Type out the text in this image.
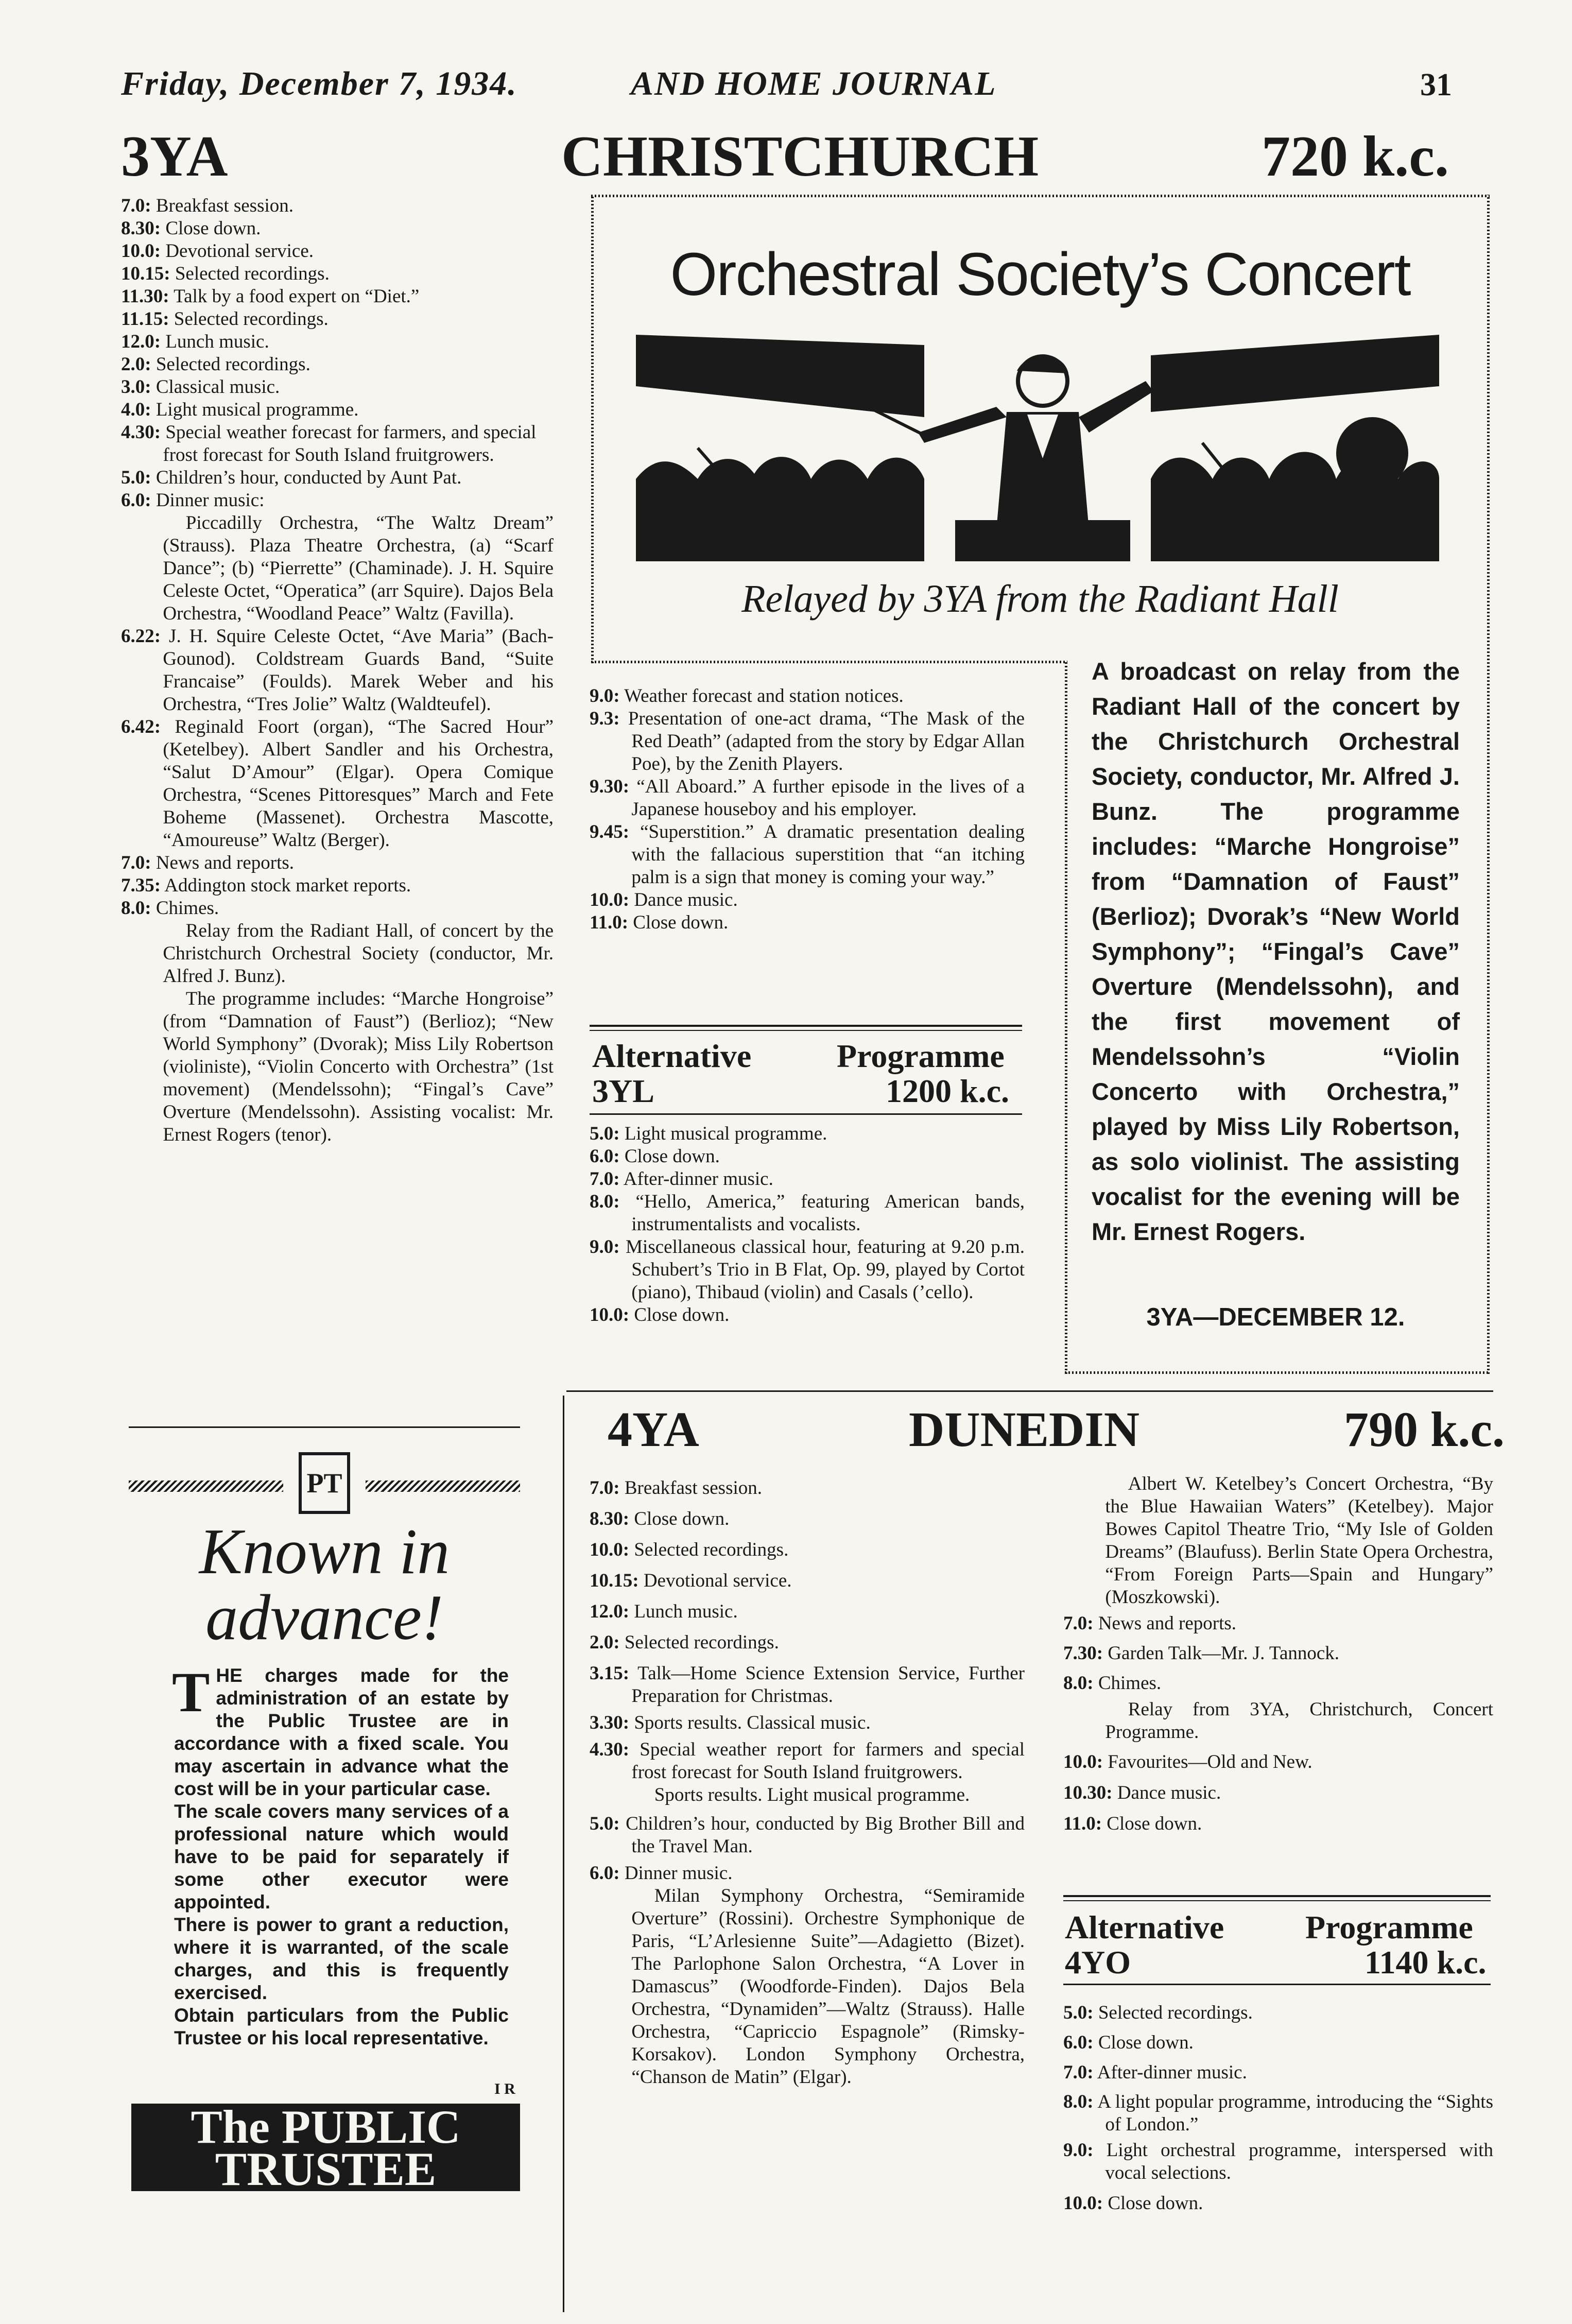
Friday, December 7, 1934.	AND HOME JOURNAL	31
3YA	CHRISTCHURCH	720 k.c.
7.0: Breakfast session.
8.30: Close down.
10.0: Devotional service.
10.15: Selected recordings.
11.30: Talk by a food expert on “Diet.”
11.15: Selected recordings.
12.0: Lunch music.
2.0: Selected recordings.
3.0: Classical music.
4.0: Light musical programme.
4.30: Special weather forecast for farmers, and special frost forecast for South Island fruitgrowers.
5.0: Children’s hour, conducted by Aunt Pat.
6.0: Dinner music:

Piccadilly Orchestra, “The Waltz Dream” (Strauss). Plaza Theatre Orchestra, (a) “Scarf Dance”; (b) “Pierrette” (Chaminade). J. H. Squire Celeste Octet, “Operatica” (arr Squire). Dajos Bela Orchestra, “Woodland Peace” Waltz (Favilla).

6.22: J. H. Squire Celeste Octet, “Ave Maria” (Bach-Gounod). Coldstream Guards Band, “Suite Francaise” (Foulds). Marek Weber and his Orchestra, “Tres Jolie” Waltz (Waldteufel).
6.42: Reginald Foort (organ), “The Sacred Hour” (Ketelbey). Albert Sandler and his Orchestra, “Salut D’Amour” (Elgar). Opera Comique Orchestra, “Scenes Pittoresques” March and Fete Boheme (Massenet). Orchestra Mascotte, “Amoureuse” Waltz (Berger).
7.0: News and reports.
7.35: Addington stock market reports.
8.0: Chimes.

Relay from the Radiant Hall, of concert by the Christchurch Orchestral Society (conductor, Mr. Alfred J. Bunz).

The programme includes: “Marche Hongroise” (from “Damnation of Faust”) (Berlioz); “New World Symphony” (Dvorak); Miss Lily Robertson (violiniste), “Violin Concerto with Orchestra” (1st movement) (Mendelssohn); “Fingal’s Cave” Overture (Mendelssohn). Assisting vocalist: Mr. Ernest Rogers (tenor).

Orchestral Society’s Concert
Relayed by 3YA from the Radiant Hall
A broadcast on relay from the Radiant Hall of the concert by the Christchurch Orchestral Society, conductor, Mr. Alfred J. Bunz. The programme includes: “Marche Hongroise” from “Damnation of Faust” (Berlioz); Dvorak’s “New World Symphony”; “Fingal’s Cave” Overture (Mendelssohn), and the first movement of Mendelssohn’s “Violin Concerto with Orchestra,” played by Miss Lily Robertson, as solo violinist. The assisting vocalist for the evening will be Mr. Ernest Rogers.
3YA—DECEMBER 12.
9.0: Weather forecast and station notices.
9.3: Presentation of one-act drama, “The Mask of the Red Death” (adapted from the story by Edgar Allan Poe), by the Zenith Players.
9.30: “All Aboard.” A further episode in the lives of a Japanese houseboy and his employer.
9.45: “Superstition.” A dramatic presentation dealing with the fallacious superstition that “an itching palm is a sign that money is coming your way.”
10.0: Dance music.
11.0: Close down.
Alternative	Programme
3YL	1200 k.c.
5.0: Light musical programme.
6.0: Close down.
7.0: After-dinner music.
8.0: “Hello, America,” featuring American bands, instrumentalists and vocalists.
9.0: Miscellaneous classical hour, featuring at 9.20 p.m. Schubert’s Trio in B Flat, Op. 99, played by Cortot (piano), Thibaud (violin) and Casals (’cello).
10.0: Close down.
4YA	DUNEDIN	790 k.c.
7.0: Breakfast session.
8.30: Close down.
10.0: Selected recordings.
10.15: Devotional service.
12.0: Lunch music.
2.0: Selected recordings.
3.15: Talk—Home Science Extension Service, Further Preparation for Christmas.
3.30: Sports results. Classical music.
4.30: Special weather report for farmers and special frost forecast for South Island fruitgrowers.

Sports results. Light musical programme.

5.0: Children’s hour, conducted by Big Brother Bill and the Travel Man.
6.0: Dinner music.

Milan Symphony Orchestra, “Semiramide Overture” (Rossini). Orchestre Symphonique de Paris, “L’Arlesienne Suite”—Adagietto (Bizet). The Parlophone Salon Orchestra, “A Lover in Damascus” (Woodforde-Finden). Dajos Bela Orchestra, “Dynamiden”—Waltz (Strauss). Halle Orchestra, “Capriccio Espagnole” (Rimsky-Korsakov). London Symphony Orchestra, “Chanson de Matin” (Elgar).

Albert W. Ketelbey’s Concert Orchestra, “By the Blue Hawaiian Waters” (Ketelbey). Major Bowes Capitol Theatre Trio, “My Isle of Golden Dreams” (Blaufuss). Berlin State Opera Orchestra, “From Foreign Parts—Spain and Hungary” (Moszkowski).

7.0: News and reports.
7.30: Garden Talk—Mr. J. Tannock.
8.0: Chimes.

Relay from 3YA, Christchurch, Concert Programme.

10.0: Favourites—Old and New.
10.30: Dance music.
11.0: Close down.
Alternative Programme
4YO	1140 k.c.
5.0: Selected recordings.
6.0: Close down.
7.0: After-dinner music.
8.0: A light popular programme, introducing the “Sights of London.”
9.0: Light orchestral programme, interspersed with vocal selections.
10.0: Close down.
PT
Known in
advance!
T HE charges made for the administration of an estate by the Public Trustee are in accordance with a fixed scale. You may ascertain in advance what the cost will be in your particular case.
The scale covers many services of a professional nature which would have to be paid for separately if some other executor were appointed.
There is power to grant a reduction, where it is warranted, of the scale charges, and this is frequently exercised.
Obtain particulars from the Public Trustee or his local representative.
I R
The PUBLIC
TRUSTEE
